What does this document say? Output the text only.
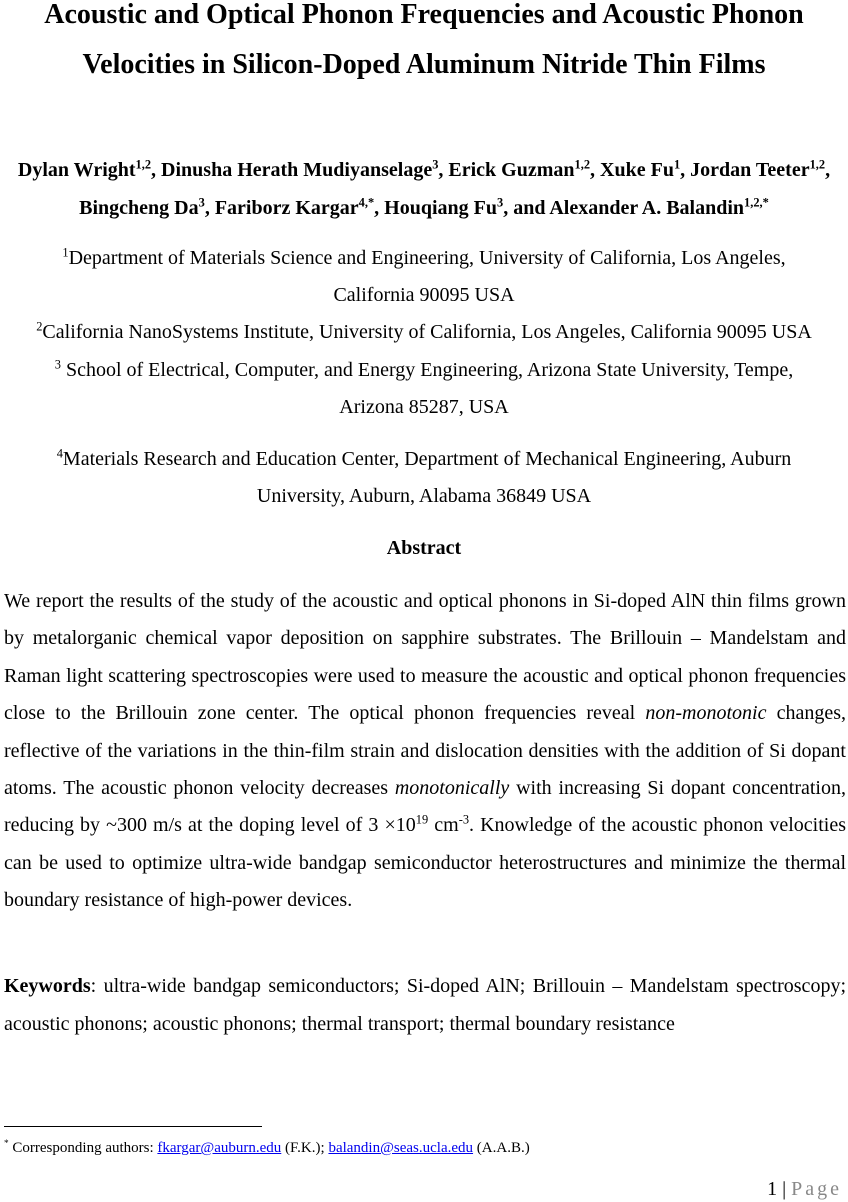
Acoustic and Optical Phonon Frequencies and Acoustic Phonon
Velocities in Silicon-Doped Aluminum Nitride Thin Films
Dylan Wright$^{1,2}$, Dinusha Herath Mudiyanselage$^3$, Erick Guzman$^{1,2}$, Xuke Fu$^1$, Jordan Teeter$^{1,2}$, Bingcheng Da$^3$, Fariborz Kargar$^{4,*}$, Houqiang Fu$^3$, and Alexander A. Balandin$^{1,2,*}$
$^1$Department of Materials Science and Engineering, University of California, Los Angeles,
California 90095 USA
$^2$California NanoSystems Institute, University of California, Los Angeles, California 90095 USA
$^3$ School of Electrical, Computer, and Energy Engineering, Arizona State University, Tempe,
Arizona 85287, USA
$^4$Materials Research and Education Center, Department of Mechanical Engineering, Auburn
University, Auburn, Alabama 36849 USA
Abstract

We report the results of the study of the acoustic and optical phonons in Si-doped AlN thin films grown by metalorganic chemical vapor deposition on sapphire substrates. The Brillouin – Mandelstam and Raman light scattering spectroscopies were used to measure the acoustic and optical phonon frequencies close to the Brillouin zone center. The optical phonon frequencies reveal non-monotonic changes, reflective of the variations in the thin-film strain and dislocation densities with the addition of Si dopant atoms. The acoustic phonon velocity decreases monotonically with increasing Si dopant concentration, reducing by ~300 m/s at the doping level of $3 \times 10^{19}$ $cm^{-3}$. Knowledge of the acoustic phonon velocities can be used to optimize ultra-wide bandgap semiconductor heterostructures and minimize the thermal boundary resistance of high-power devices.

Keywords: ultra-wide bandgap semiconductors; Si-doped AlN; Brillouin – Mandelstam spectroscopy; acoustic phonons; acoustic phonons; thermal transport; thermal boundary resistance

* Corresponding authors: fkargar@auburn.edu (F.K.); balandin@seas.ucla.edu (A.A.B.)
1 | Page
